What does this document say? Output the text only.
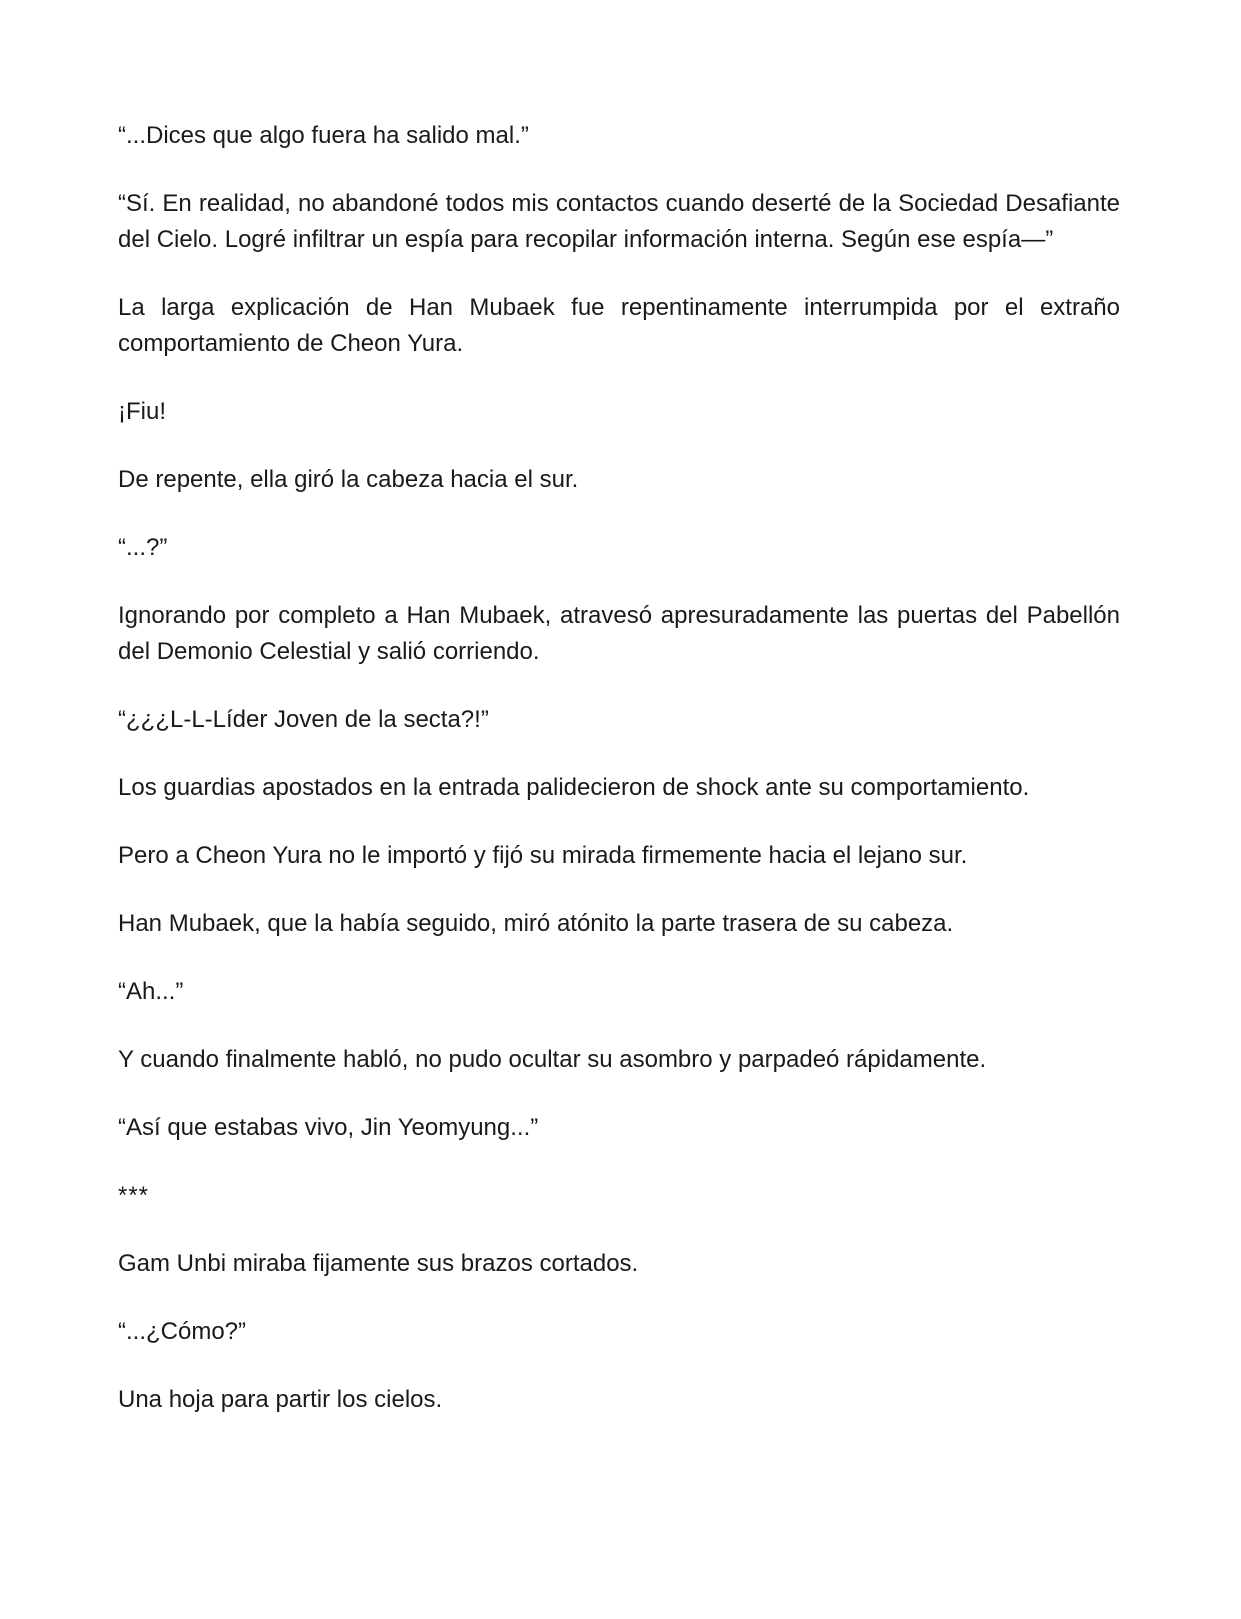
“...Dices que algo fuera ha salido mal.”

“Sí. En realidad, no abandoné todos mis contactos cuando deserté de la Sociedad Desafiante del Cielo. Logré infiltrar un espía para recopilar información interna. Según ese espía—”

La larga explicación de Han Mubaek fue repentinamente interrumpida por el extraño comportamiento de Cheon Yura.

¡Fiu!

De repente, ella giró la cabeza hacia el sur.

“...?”

Ignorando por completo a Han Mubaek, atravesó apresuradamente las puertas del Pabellón del Demonio Celestial y salió corriendo.

“¿¿¿L-L-Líder Joven de la secta?!”

Los guardias apostados en la entrada palidecieron de shock ante su comportamiento.

Pero a Cheon Yura no le importó y fijó su mirada firmemente hacia el lejano sur.

Han Mubaek, que la había seguido, miró atónito la parte trasera de su cabeza.

“Ah...”

Y cuando finalmente habló, no pudo ocultar su asombro y parpadeó rápidamente.

“Así que estabas vivo, Jin Yeomyung...”

***

Gam Unbi miraba fijamente sus brazos cortados.

“...¿Cómo?”

Una hoja para partir los cielos.
